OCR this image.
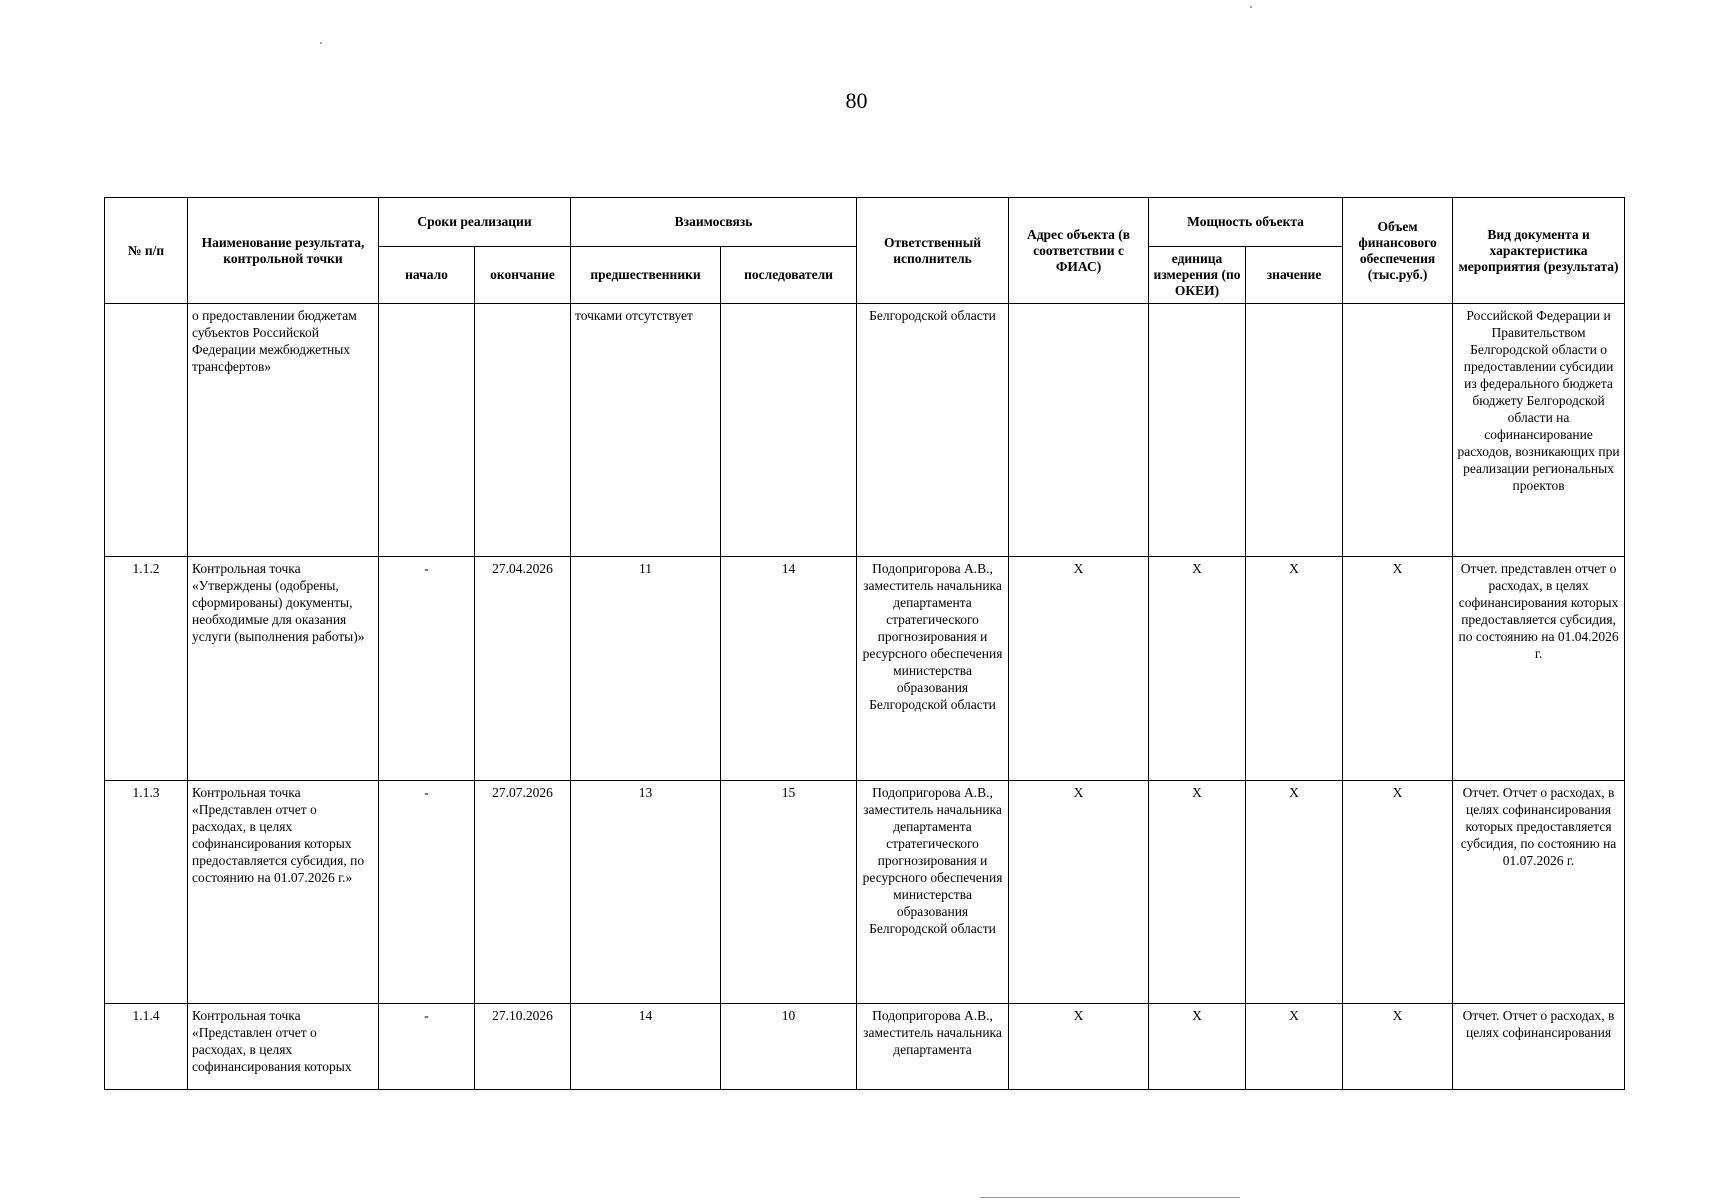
80
№ п/п	Наименование результата, контрольной точки	Сроки реализации		Взаимосвязь		Ответственный исполнитель	Адрес объекта (в соответствии с ФИАС)	Мощность объекта		Объем финансового обеспечения (тыс.руб.)	Вид документа и характеристика мероприятия (результата)
		начало	окончание	предшественники	последователи			единица измерения (по ОКЕИ)	значение		
	о предоставлении бюджетам субъектов Российской Федерации межбюджетных трансфертов»			точками отсутствует		Белгородской области					Российской Федерации и Правительством Белгородской области о предоставлении субсидии из федерального бюджета бюджету Белгородской области на софинансирование расходов, возникающих при реализации региональных проектов
1.1.2	Контрольная точка «Утверждены (одобрены, сформированы) документы, необходимые для оказания услуги (выполнения работы)»	-	27.04.2026	11	14	Подопригорова А.В., заместитель начальника департамента стратегического прогнозирования и ресурсного обеспечения министерства образования Белгородской области	X	X	X	X	Отчет. представлен отчет о расходах, в целях софинансирования которых предоставляется субсидия, по состоянию на 01.04.2026 г.
1.1.3	Контрольная точка «Представлен отчет о расходах, в целях софинансирования которых предоставляется субсидия, по состоянию на 01.07.2026 г.»	-	27.07.2026	13	15	Подопригорова А.В., заместитель начальника департамента стратегического прогнозирования и ресурсного обеспечения министерства образования Белгородской области	X	X	X	X	Отчет. Отчет о расходах, в целях софинансирования которых предоставляется субсидия, по состоянию на 01.07.2026 г.
1.1.4	Контрольная точка «Представлен отчет о расходах, в целях софинансирования которых	-	27.10.2026	14	10	Подопригорова А.В., заместитель начальника департамента	X	X	X	X	Отчет. Отчет о расходах, в целях софинансирования
